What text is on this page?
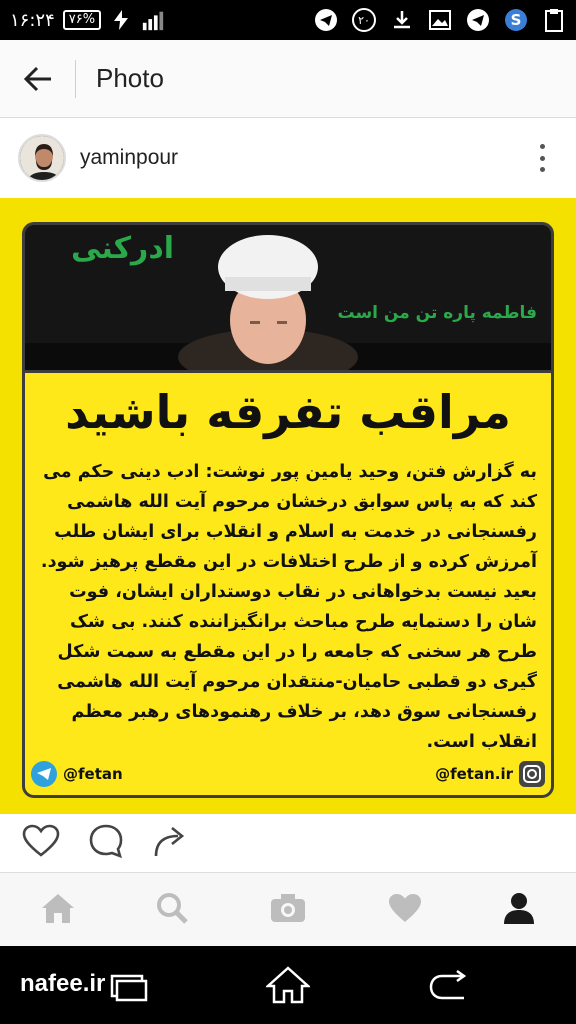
۱۶:۲۴	۷۶%	۲۰	S
Photo
yaminpour
ادرکنی
فاطمه پاره تن من است
مراقب تفرقه باشید

به گزارش فتن، وحید یامین پور نوشت: ادب دینی حکم می کند که به پاس سوابق درخشان مرحوم آیت الله هاشمی رفسنجانی در خدمت به اسلام و انقلاب برای ایشان طلب آمرزش کرده و از طرح اختلافات در این مقطع پرهیز شود.

بعید نیست بدخواهانی در نقاب دوستداران ایشان، فوت شان را دستمایه طرح مباحث برانگیزاننده کنند. بی شک طرح هر سخنی که جامعه را در این مقطع به سمت شکل گیری دو قطبی حامیان-منتقدان مرحوم آیت الله هاشمی رفسنجانی سوق دهد، بر خلاف رهنمودهای رهبر معظم انقلاب است.

@fetan	@fetan.ir
nafee.ir
